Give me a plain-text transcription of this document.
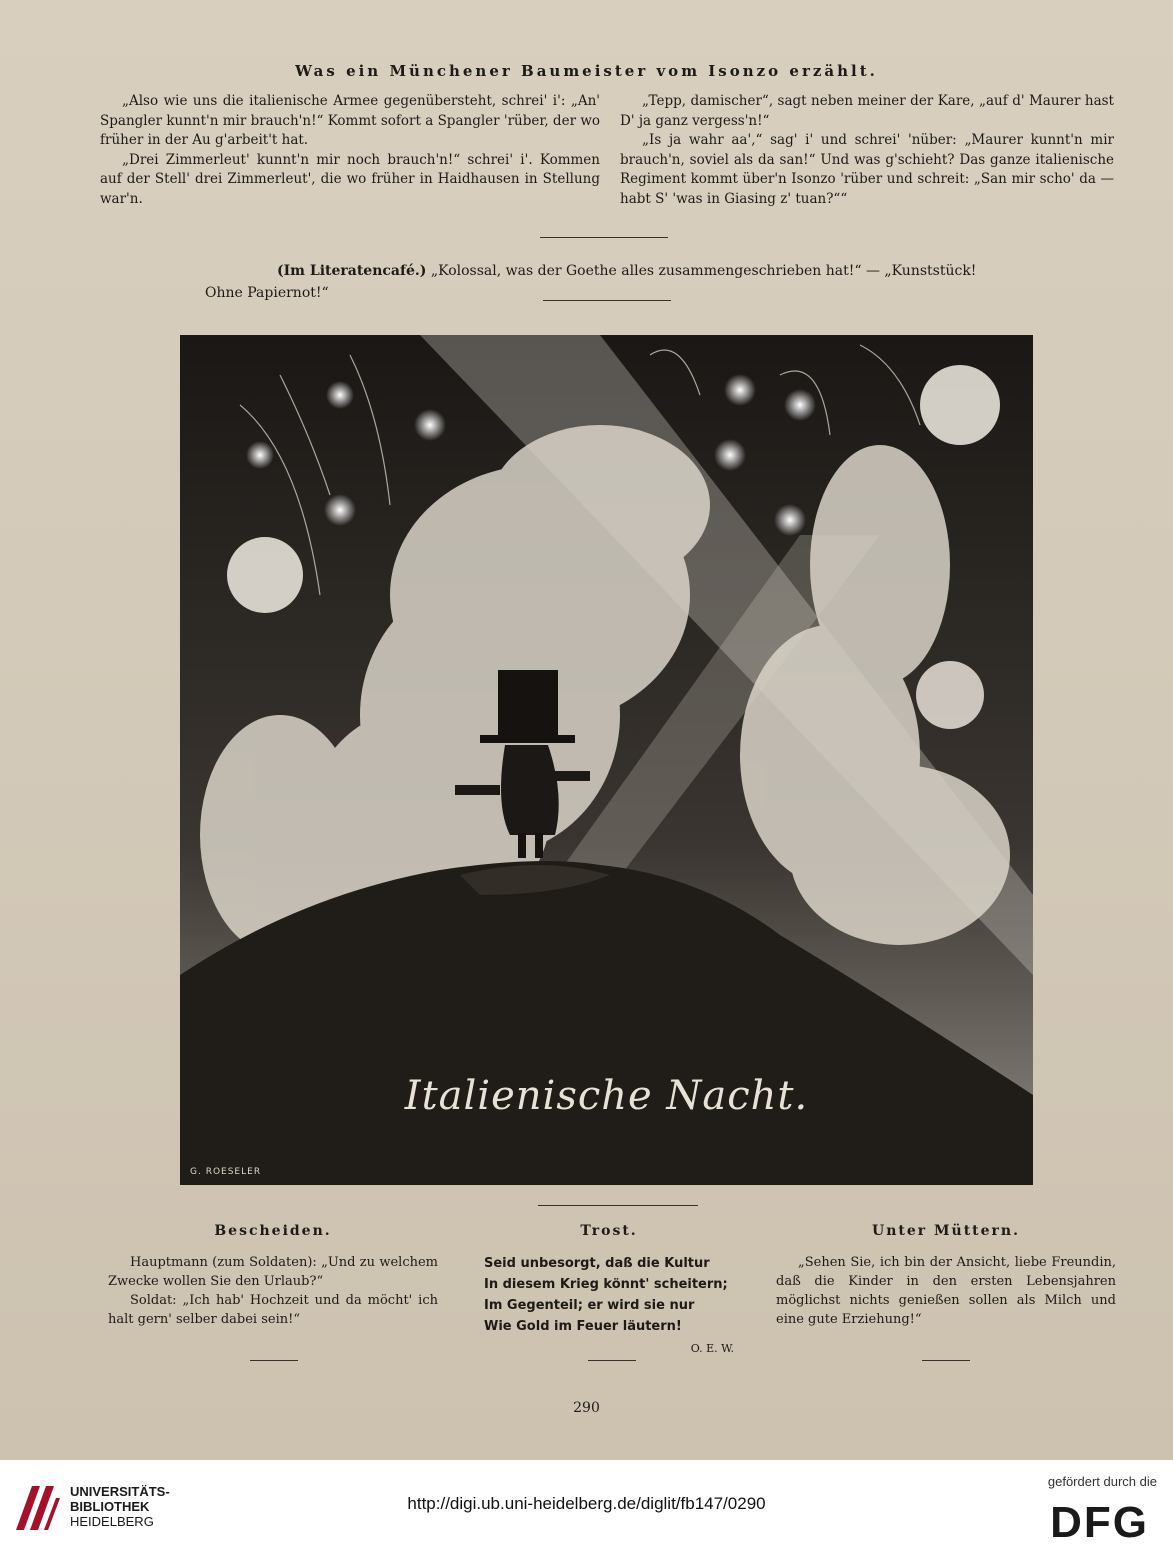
Was ein Münchener Baumeister vom Isonzo erzählt.

„Also wie uns die italienische Armee gegenübersteht, schrei' i': „An' Spangler kunnt'n mir brauch'n!“ Kommt sofort a Spangler 'rüber, der wo früher in der Au g'arbeit't hat.

„Drei Zimmerleut' kunnt'n mir noch brauch'n!“ schrei' i'. Kommen auf der Stell' drei Zimmerleut', die wo früher in Haidhausen in Stellung war'n.

„Tepp, damischer“, sagt neben meiner der Kare, „auf d' Maurer hast D' ja ganz vergess'n!“

„Is ja wahr aa',“ sag' i' und schrei' 'nüber: „Maurer kunnt'n mir brauch'n, soviel als da san!“ Und was g'schieht? Das ganze italienische Regiment kommt über'n Isonzo 'rüber und schreit: „San mir scho' da — habt S' 'was in Giasing z' tuan?““

(Im Literatencafé.) „Kolossal, was der Goethe alles zusammengeschrieben hat!“ — „Kunststück!
Ohne Papiernot!“
Italienische Nacht.
G. ROESELER
Bescheiden.

Hauptmann (zum Soldaten): „Und zu welchem Zwecke wollen Sie den Urlaub?“

Soldat: „Ich hab' Hochzeit und da möcht' ich halt gern' selber dabei sein!“

Trost.
Seid unbesorgt, daß die Kultur
In diesem Krieg könnt' scheitern;
Im Gegenteil; er wird sie nur
Wie Gold im Feuer läutern!
O. E. W.
Unter Müttern.

„Sehen Sie, ich bin der Ansicht, liebe Freundin, daß die Kinder in den ersten Lebensjahren möglichst nichts genießen sollen als Milch und eine gute Erziehung!“

290
UNIVERSITÄTS-
BIBLIOTHEK
HEIDELBERG
http://digi.ub.uni-heidelberg.de/diglit/fb147/0290
gefördert durch die
DFG
